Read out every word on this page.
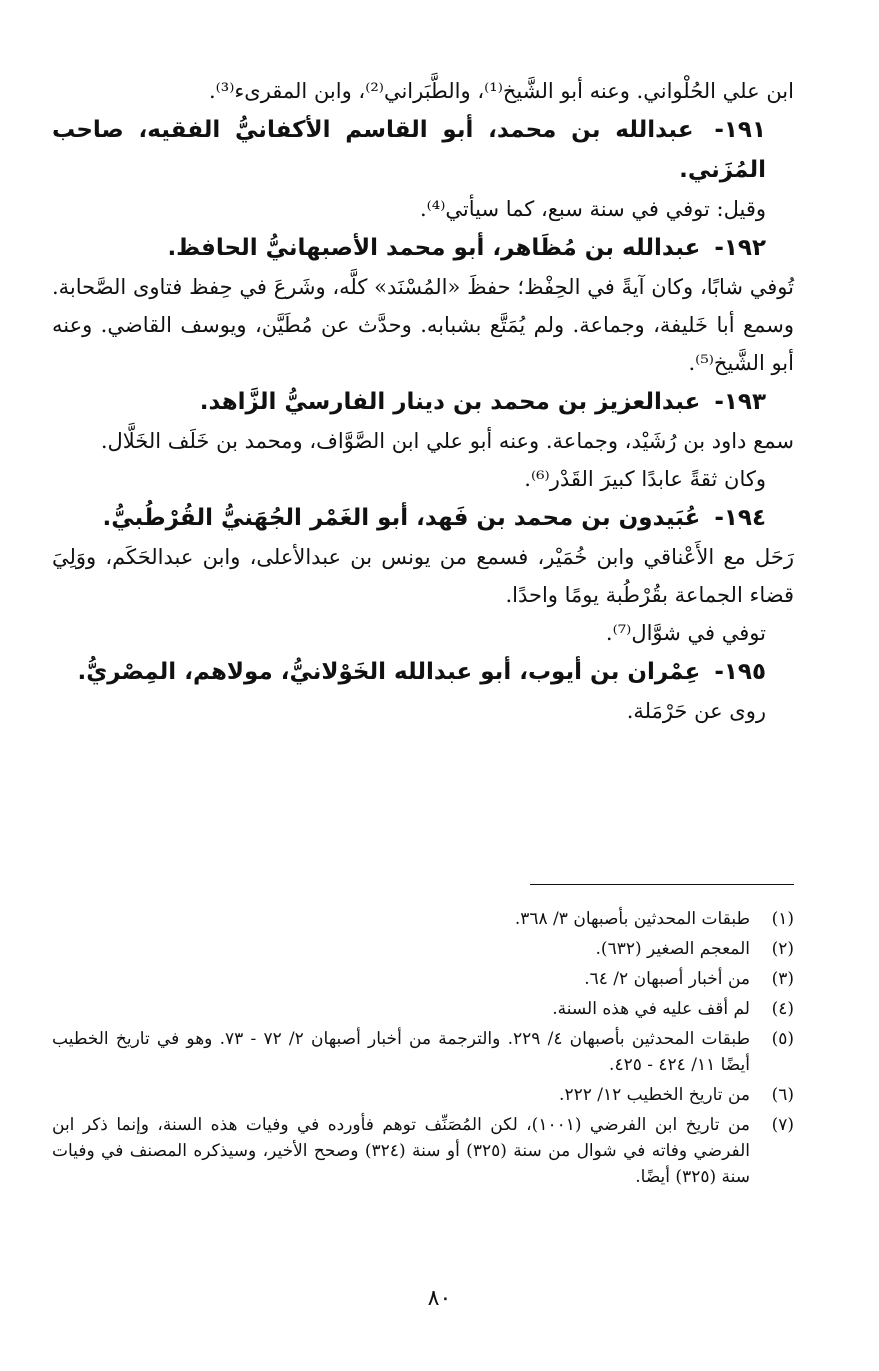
ابن علي الحُلْواني. وعنه أبو الشَّيخ⁽¹⁾، والطَّبَراني⁽²⁾، وابن المقرىء⁽³⁾.

١٩١- عبدالله بن محمد، أبو القاسم الأكفانيُّ الفقيه، صاحب المُزَني.

وقيل: توفي في سنة سبع، كما سيأتي⁽⁴⁾.

١٩٢- عبدالله بن مُظَاهر، أبو محمد الأصبهانيُّ الحافظ.

تُوفي شابًا، وكان آيةً في الحِفْظ؛ حفظَ «المُسْنَد» كلَّه، وشَرعَ في حِفظ فتاوى الصَّحابة. وسمع أبا خَليفة، وجماعة. ولم يُمَتَّع بشبابه. وحدَّث عن مُطَيَّن، ويوسف القاضي. وعنه أبو الشَّيخ⁽⁵⁾.

١٩٣- عبدالعزيز بن محمد بن دينار الفارسيُّ الزَّاهد.

سمع داود بن رُشَيْد، وجماعة. وعنه أبو علي ابن الصَّوَّاف، ومحمد بن خَلَف الخَلَّال.

وكان ثقةً عابدًا كبيرَ القَدْر⁽⁶⁾.

١٩٤- عُبَيدون بن محمد بن فَهد، أبو الغَمْر الجُهَنيُّ القُرْطُبيُّ.

رَحَل مع الأَعْناقي وابن خُمَيْر، فسمع من يونس بن عبدالأعلى، وابن عبدالحَكَم، ووَلِيَ قضاء الجماعة بقُرْطُبة يومًا واحدًا.

توفي في شوَّال⁽⁷⁾.

١٩٥- عِمْران بن أيوب، أبو عبدالله الخَوْلانيُّ، مولاهم، المِصْريُّ.

روى عن حَرْمَلة.

(١)
طبقات المحدثين بأصبهان ٣/ ٣٦٨.
(٢)
المعجم الصغير (٦٣٢).
(٣)
من أخبار أصبهان ٢/ ٦٤.
(٤)
لم أقف عليه في هذه السنة.
(٥)
طبقات المحدثين بأصبهان ٤/ ٢٢٩. والترجمة من أخبار أصبهان ٢/ ٧٢ - ٧٣. وهو في تاريخ الخطيب أيضًا ١١/ ٤٢٤ - ٤٢٥.
(٦)
من تاريخ الخطيب ١٢/ ٢٢٢.
(٧)
من تاريخ ابن الفرضي (١٠٠١)، لكن المُصَنِّف توهم فأورده في وفيات هذه السنة، وإنما ذكر ابن الفرضي وفاته في شوال من سنة (٣٢٥) أو سنة (٣٢٤) وصحح الأخير، وسيذكره المصنف في وفيات سنة (٣٢٥) أيضًا.
٨٠
